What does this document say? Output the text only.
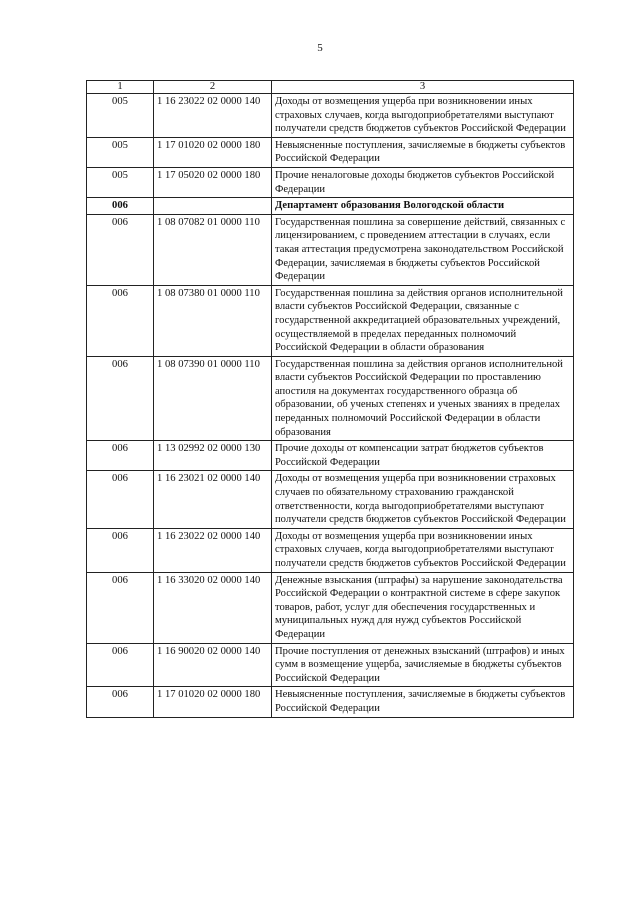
5
1	2	3
005	1 16 23022 02 0000 140	Доходы от возмещения ущерба при возникновении иных страховых случаев, когда выгодоприобретателями выступают получатели средств бюджетов субъектов Российской Федерации
005	1 17 01020 02 0000 180	Невыясненные поступления, зачисляемые в бюджеты субъектов Российской Федерации
005	1 17 05020 02 0000 180	Прочие неналоговые доходы бюджетов субъектов Российской Федерации
006		Департамент образования Вологодской области
006	1 08 07082 01 0000 110	Государственная пошлина за совершение действий, связанных с лицензированием, с проведением аттестации в случаях, если такая аттестация предусмотрена законодательством Российской Федерации, зачисляемая в бюджеты субъектов Российской Федерации
006	1 08 07380 01 0000 110	Государственная пошлина за действия органов исполнительной власти субъектов Российской Федерации, связанные с государственной аккредитацией образовательных учреждений, осуществляемой в пределах переданных полномочий Российской Федерации в области образования
006	1 08 07390 01 0000 110	Государственная пошлина за действия органов исполнительной власти субъектов Российской Федерации по проставлению апостиля на документах государственного образца об образовании, об ученых степенях и ученых званиях в пределах переданных полномочий Российской Федерации в области образования
006	1 13 02992 02 0000 130	Прочие доходы от компенсации затрат бюджетов субъектов Российской Федерации
006	1 16 23021 02 0000 140	Доходы от возмещения ущерба при возникновении страховых случаев по обязательному страхованию гражданской ответственности, когда выгодоприобретателями выступают получатели средств бюджетов субъектов Российской Федерации
006	1 16 23022 02 0000 140	Доходы от возмещения ущерба при возникновении иных страховых случаев, когда выгодоприобретателями выступают получатели средств бюджетов субъектов Российской Федерации
006	1 16 33020 02 0000 140	Денежные взыскания (штрафы) за нарушение законодательства Российской Федерации о контрактной системе в сфере закупок товаров, работ, услуг для обеспечения государственных и муниципальных нужд для нужд субъектов Российской Федерации
006	1 16 90020 02 0000 140	Прочие поступления от денежных взысканий (штрафов) и иных сумм в возмещение ущерба, зачисляемые в бюджеты субъектов Российской Федерации
006	1 17 01020 02 0000 180	Невыясненные поступления, зачисляемые в бюджеты субъектов Российской Федерации
